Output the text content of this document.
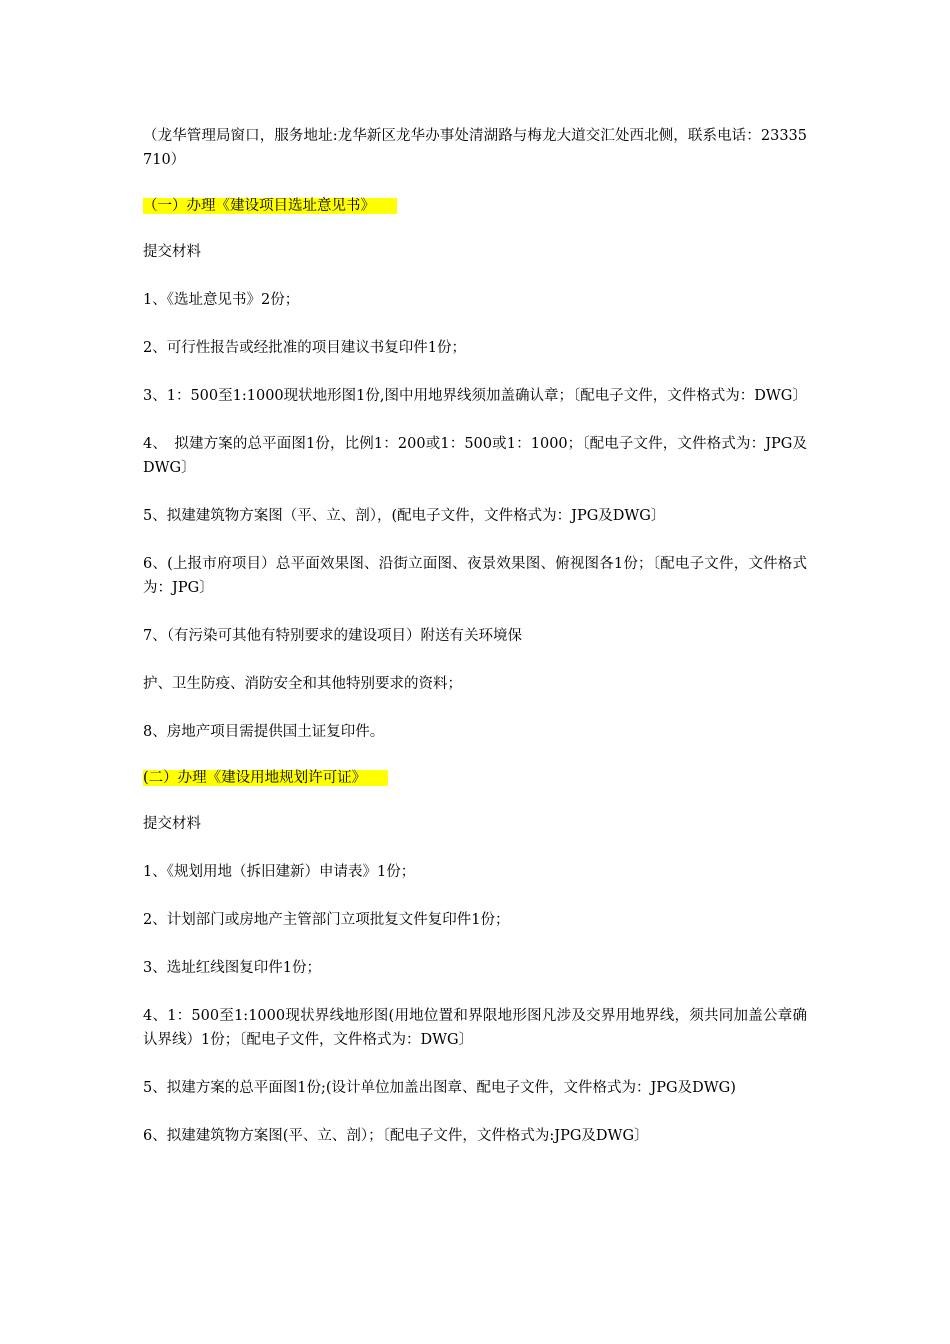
（龙华管理局窗口，服务地址:龙华新区龙华办事处清湖路与梅龙大道交汇处西北侧，联系电话：23335710）

（一）办理《建设项目选址意见书》

提交材料

1、《选址意见书》2份；

2、可行性报告或经批准的项目建议书复印件1份；

3、1：500至1:1000现状地形图1份,图中用地界线须加盖确认章；〔配电子文件，文件格式为：DWG〕

4、　拟建方案的总平面图1份，比例1：200或1：500或1：1000；〔配电子文件，文件格式为：JPG及DWG〕

5、拟建建筑物方案图（平、立、剖），(配电子文件，文件格式为：JPG及DWG〕

6、(上报市府项目）总平面效果图、沿街立面图、夜景效果图、俯视图各1份；〔配电子文件，文件格式为：JPG〕

7、（有污染可其他有特别要求的建设项目）附送有关环境保

护、卫生防疫、消防安全和其他特别要求的资料；

8、房地产项目需提供国土证复印件。

(二）办理《建设用地规划许可证》

提交材料

1、《规划用地（拆旧建新）申请表》1份；

2、计划部门或房地产主管部门立项批复文件复印件1份；

3、选址红线图复印件1份；

4、1：500至1:1000现状界线地形图(用地位置和界限地形图凡涉及交界用地界线，须共同加盖公章确认界线）1份；〔配电子文件，文件格式为：DWG〕

5、拟建方案的总平面图1份;(设计单位加盖出图章、配电子文件，文件格式为：JPG及DWG)

6、拟建建筑物方案图(平、立、剖）；〔配电子文件，文件格式为:JPG及DWG〕
